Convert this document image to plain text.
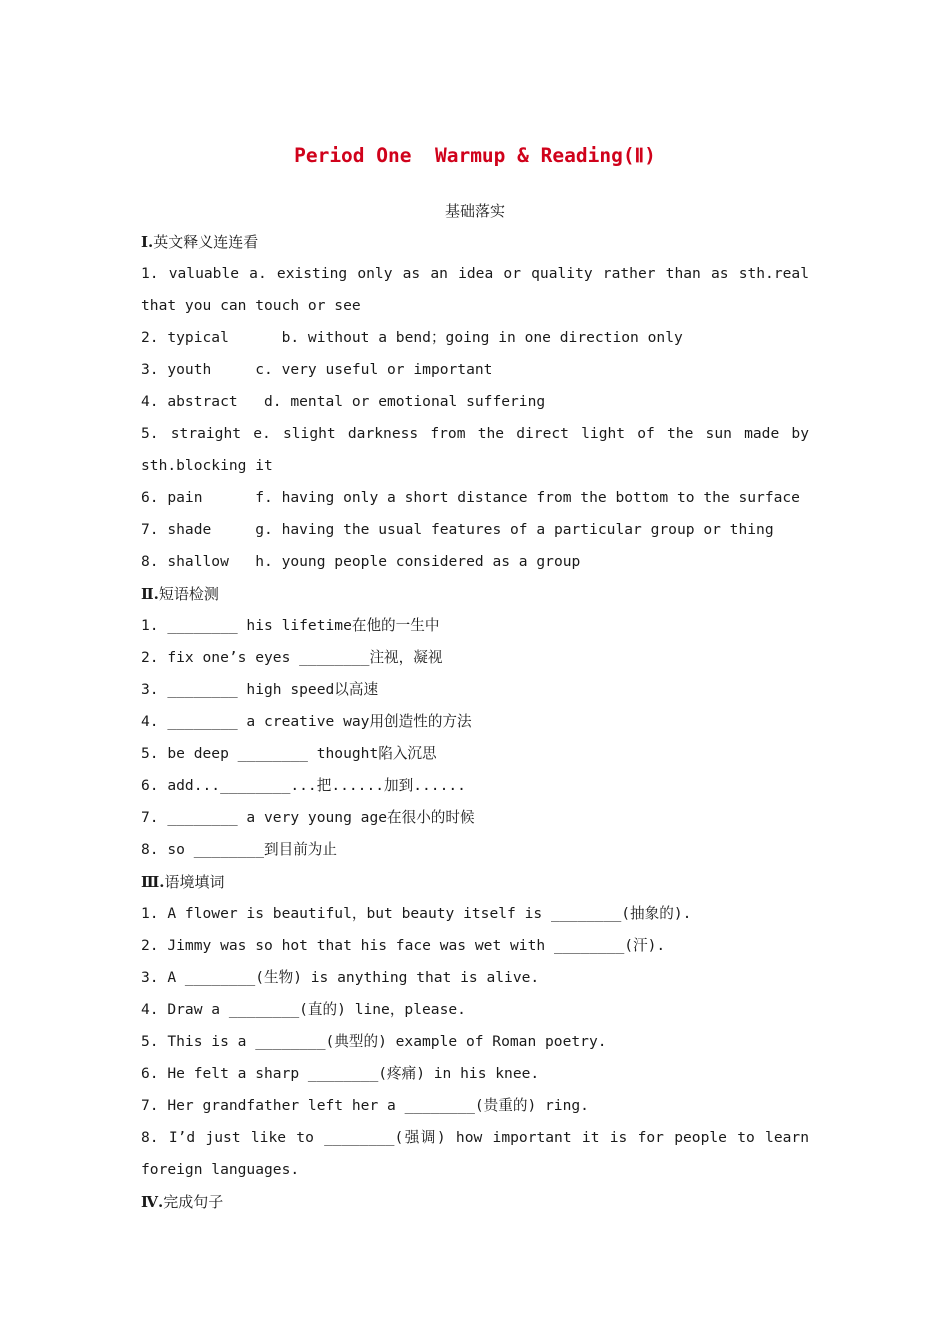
Period One  Warmup & Reading(Ⅱ)
基础落实
Ⅰ.英文释义连连看
1. valuable a. existing only as an idea or quality rather than as sth.real
that you can touch or see
2. typical      b. without a bend；going in one direction only
3. youth     c. very useful or important
4. abstract   d. mental or emotional suffering
5. straight e. slight darkness from the direct light of the sun made by
sth.blocking it
6. pain      f. having only a short distance from the bottom to the surface
7. shade     g. having the usual features of a particular group or thing
8. shallow   h. young people considered as a group
Ⅱ.短语检测
1. ________ his lifetime在他的一生中
2. fix one’s eyes ________注视，凝视
3. ________ high speed以高速
4. ________ a creative way用创造性的方法
5. be deep ________ thought陷入沉思
6. add...________...把......加到......
7. ________ a very young age在很小的时候
8. so ________到目前为止
Ⅲ.语境填词
1. A flower is beautiful，but beauty itself is ________(抽象的).
2. Jimmy was so hot that his face was wet with ________(汗).
3. A ________(生物) is anything that is alive.
4. Draw a ________(直的) line，please.
5. This is a ________(典型的) example of Roman poetry.
6. He felt a sharp ________(疼痛) in his knee.
7. Her grandfather left her a ________(贵重的) ring.
8. I’d just like to ________(强调) how important it is for people to learn
foreign languages.
Ⅳ.完成句子
